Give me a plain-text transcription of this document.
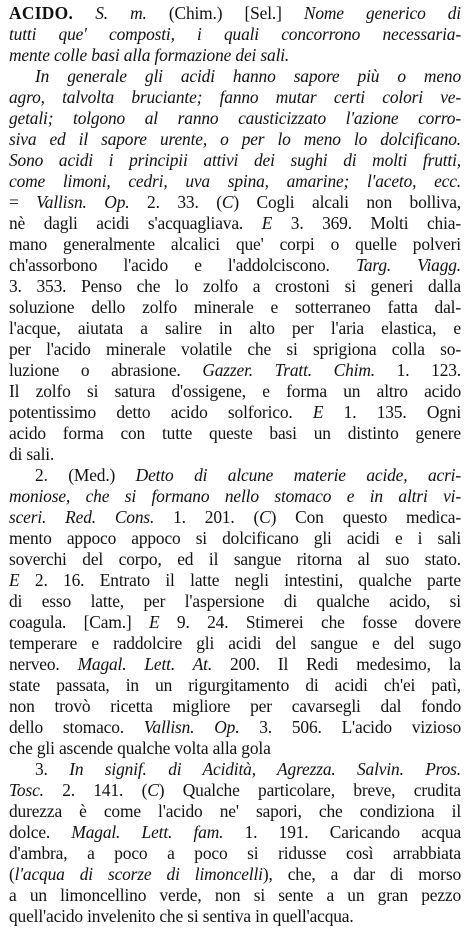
ACIDO. S. m. (Chim.) [Sel.] Nome generico di
tutti que' composti, i quali concorrono necessaria-
mente colle basi alla formazione dei sali.
In generale gli acidi hanno sapore più o meno
agro, talvolta bruciante; fanno mutar certi colori ve-
getali; tolgono al ranno causticizzato l'azione corro-
siva ed il sapore urente, o per lo meno lo dolcificano.
Sono acidi i principii attivi dei sughi di molti frutti,
come limoni, cedri, uva spina, amarine; l'aceto, ecc.
= Vallisn. Op. 2. 33. (C) Cogli alcali non bolliva,
nè dagli acidi s'acquagliava. E 3. 369. Molti chia-
mano generalmente alcalici que' corpi o quelle polveri
ch'assorbono l'acido e l'addolciscono. Targ. Viagg.
3. 353. Penso che lo zolfo a crostoni si generi dalla
soluzione dello zolfo minerale e sotterraneo fatta dal-
l'acque, aiutata a salire in alto per l'aria elastica, e
per l'acido minerale volatile che si sprigiona colla so-
luzione o abrasione. Gazzer. Tratt. Chim. 1. 123.
Il zolfo si satura d'ossigene, e forma un altro acido
potentissimo detto acido solforico. E 1. 135. Ogni
acido forma con tutte queste basi un distinto genere
di sali.
2. (Med.) Detto di alcune materie acide, acri-
moniose, che si formano nello stomaco e in altri vi-
sceri. Red. Cons. 1. 201. (C) Con questo medica-
mento appoco appoco si dolcificano gli acidi e i sali
soverchi del corpo, ed il sangue ritorna al suo stato.
E 2. 16. Entrato il latte negli intestini, qualche parte
di esso latte, per l'aspersione di qualche acido, si
coagula. [Cam.] E 9. 24. Stimerei che fosse dovere
temperare e raddolcire gli acidi del sangue e del sugo
nerveo. Magal. Lett. At. 200. Il Redi medesimo, la
state passata, in un rigurgitamento di acidi ch'ei patì,
non trovò ricetta migliore per cavarsegli dal fondo
dello stomaco. Vallisn. Op. 3. 506. L'acido vizioso
che gli ascende qualche volta alla gola
3. In signif. di Acidità, Agrezza. Salvin. Pros.
Tosc. 2. 141. (C) Qualche particolare, breve, crudita
durezza è come l'acido ne' sapori, che condiziona il
dolce. Magal. Lett. fam. 1. 191. Caricando acqua
d'ambra, a poco a poco si ridusse così arrabbiata
(l'acqua di scorze di limoncelli), che, a dar di morso
a un limoncellino verde, non si sente a un gran pezzo
quell'acido invelenito che si sentiva in quell'acqua.
